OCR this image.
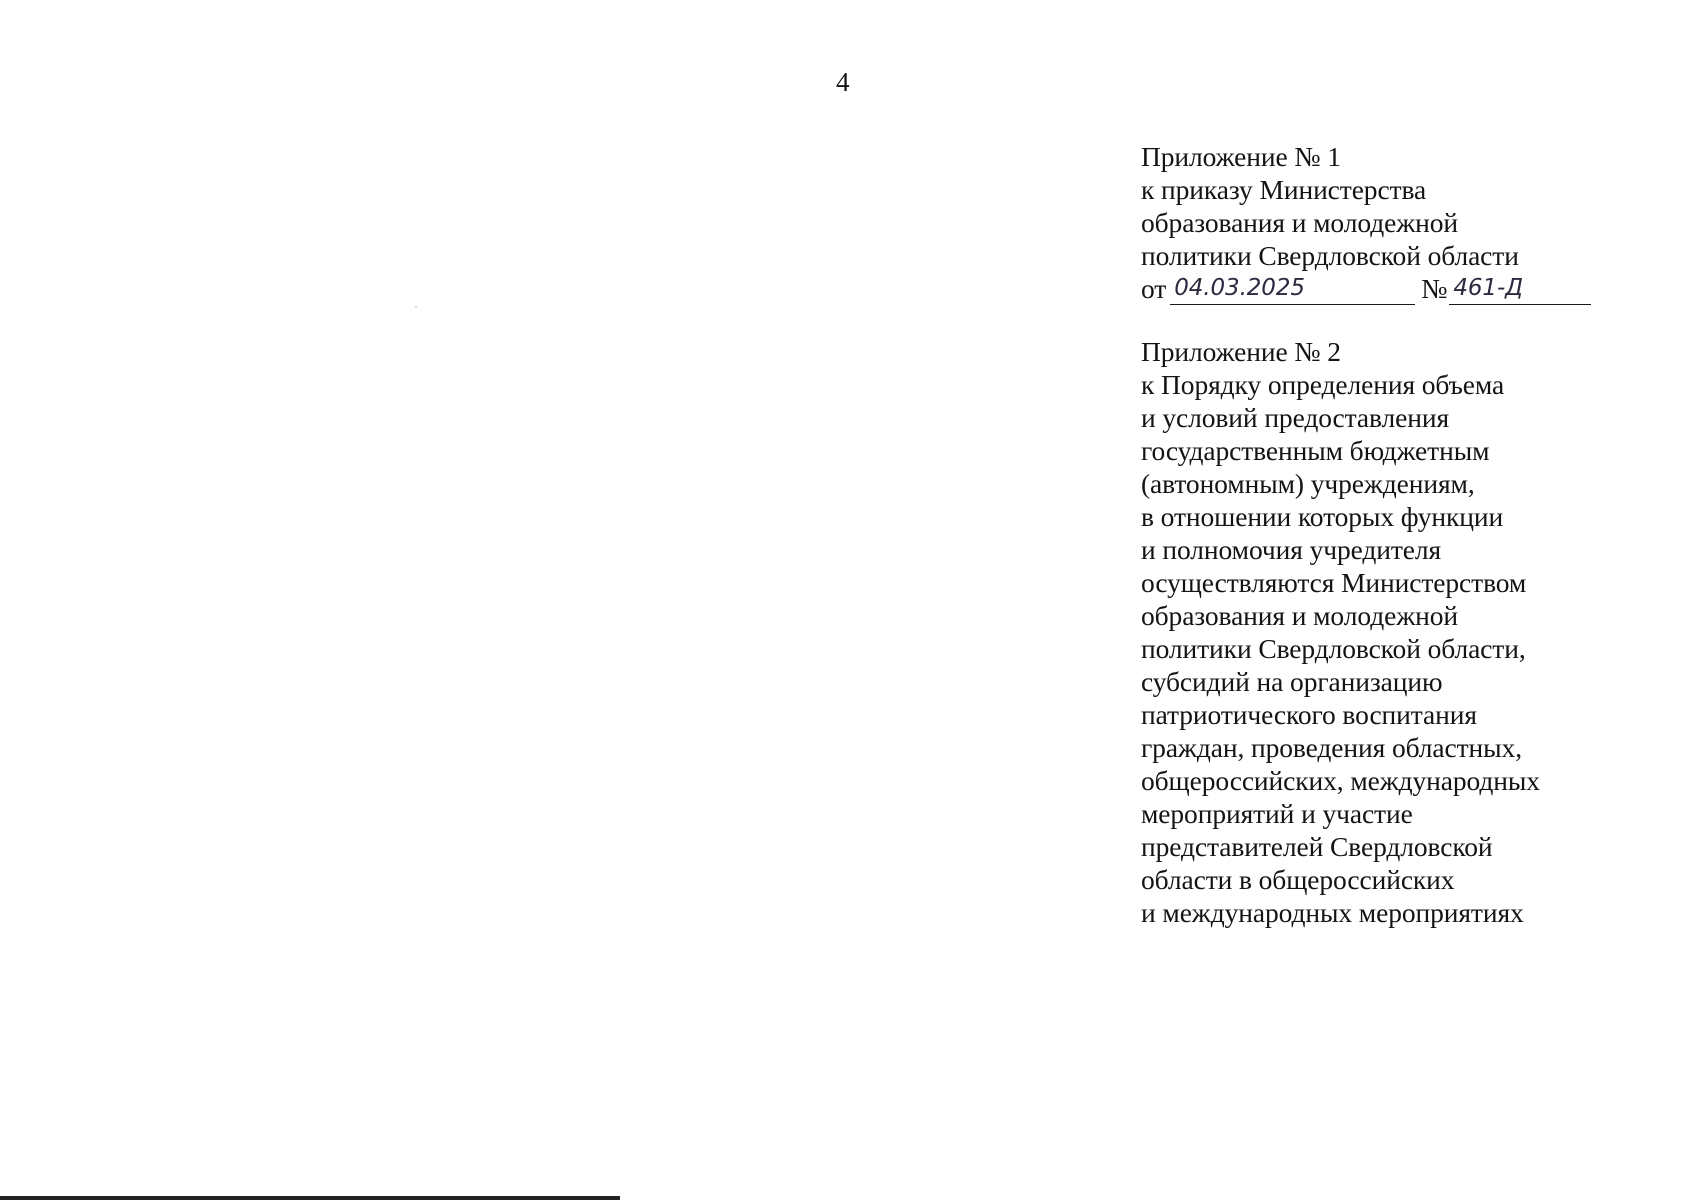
4
Приложение № 1
к приказу Министерства
образования и молодежной
политики Свердловской области
от 04.03.2025	№ 461-Д
Приложение № 2
к Порядку определения объема
и условий предоставления
государственным бюджетным
(автономным) учреждениям,
в отношении которых функции
и полномочия учредителя
осуществляются Министерством
образования и молодежной
политики Свердловской области,
субсидий на организацию
патриотического воспитания
граждан, проведения областных,
общероссийских, международных
мероприятий и участие
представителей Свердловской
области в общероссийских
и международных мероприятиях
